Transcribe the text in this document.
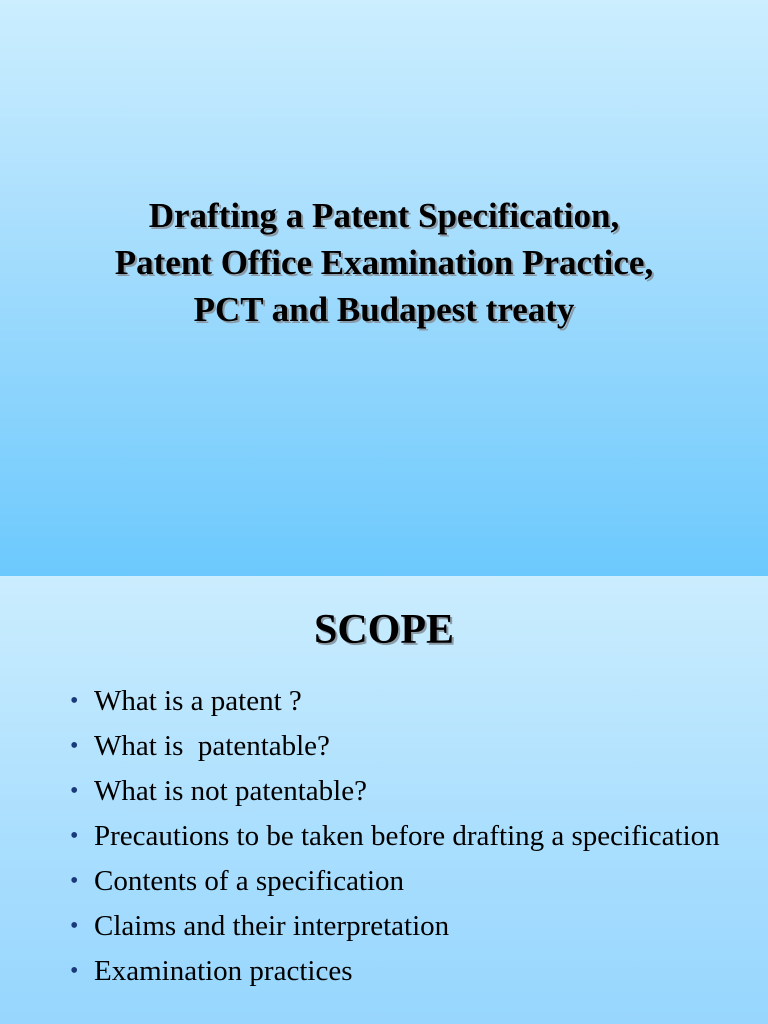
Drafting a Patent Specification,
Patent Office Examination Practice,
PCT and Budapest treaty
SCOPE
• What is a patent ?
• What is  patentable?
• What is not patentable?
• Precautions to be taken before drafting a specification
• Contents of a specification
• Claims and their interpretation
• Examination practices
